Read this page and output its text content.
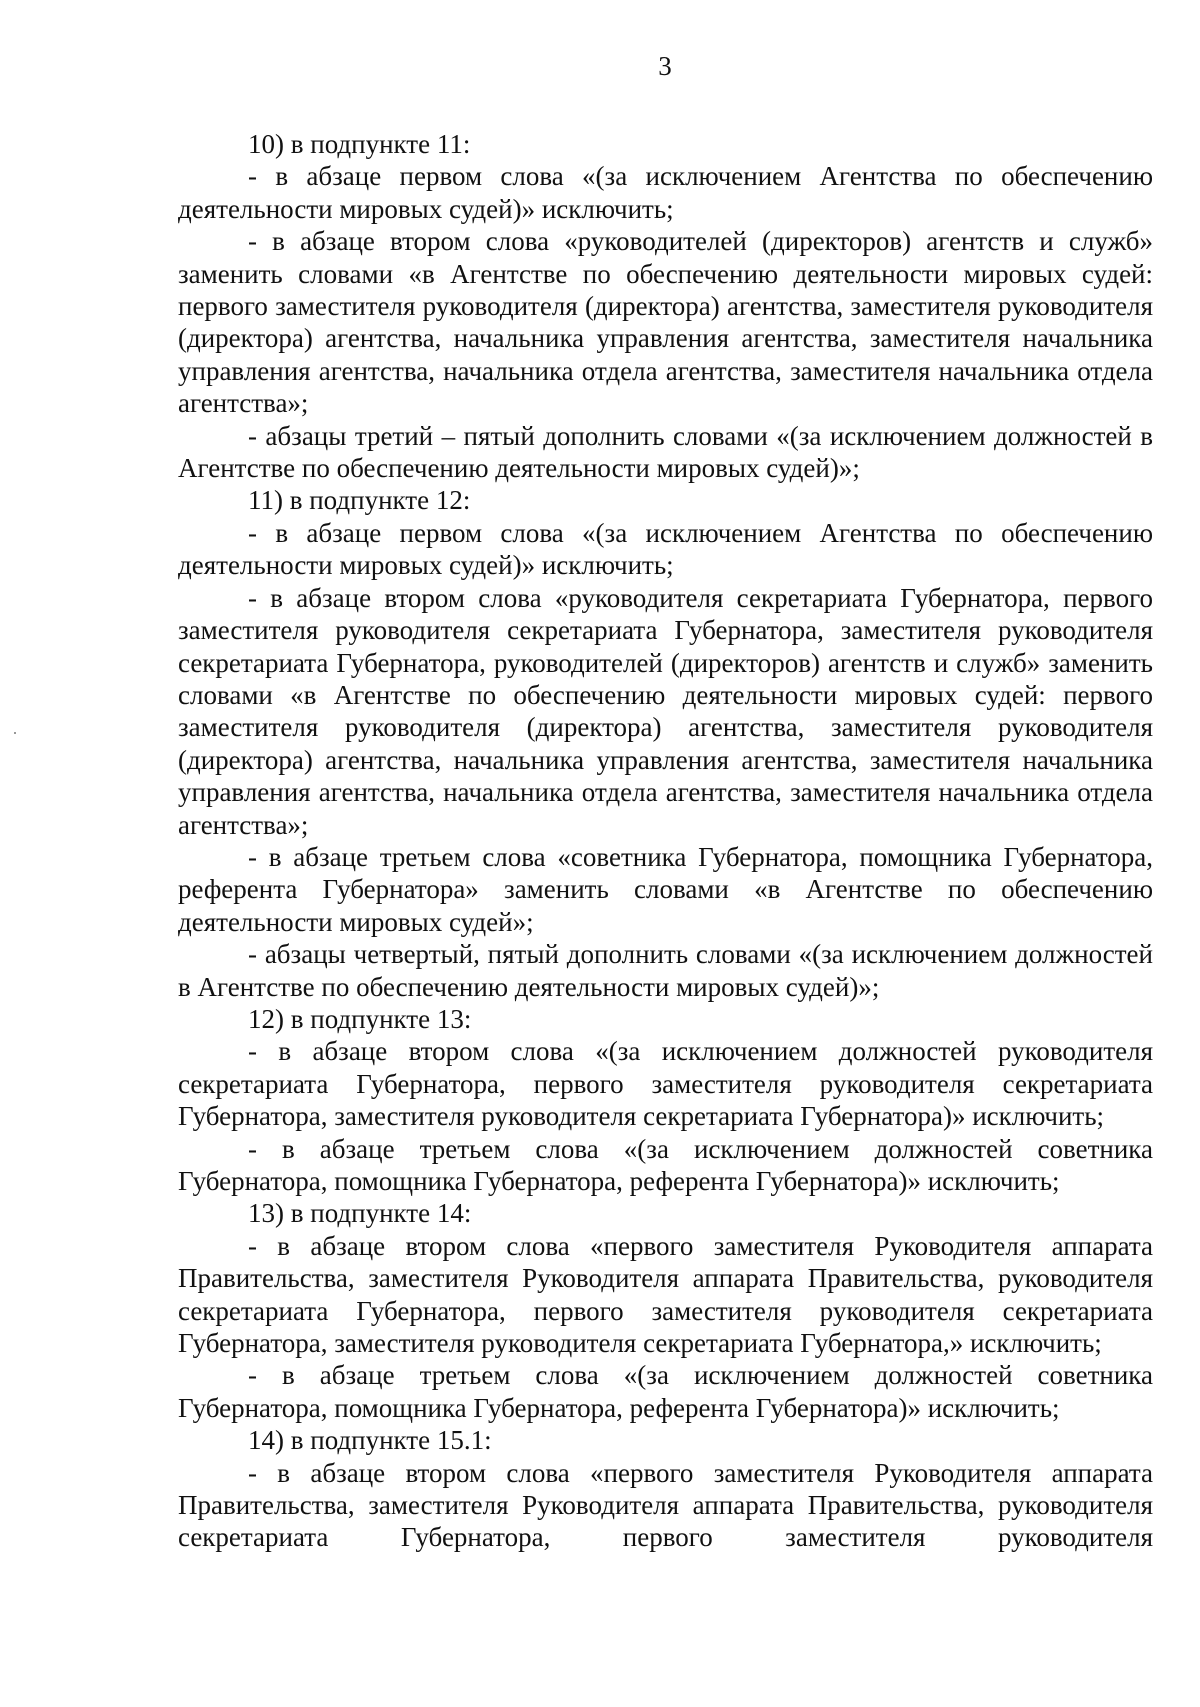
3

10) в подпункте 11:

- в абзаце первом слова «(за исключением Агентства по обеспечению деятельности мировых судей)» исключить;

- в абзаце втором слова «руководителей (директоров) агентств и служб» заменить словами «в Агентстве по обеспечению деятельности мировых судей: первого заместителя руководителя (директора) агентства, заместителя руководителя (директора) агентства, начальника управления агентства, заместителя начальника управления агентства, начальника отдела агентства, заместителя начальника отдела агентства»;

- абзацы третий – пятый дополнить словами «(за исключением должностей в Агентстве по обеспечению деятельности мировых судей)»;

11) в подпункте 12:

- в абзаце первом слова «(за исключением Агентства по обеспечению деятельности мировых судей)» исключить;

- в абзаце втором слова «руководителя секретариата Губернатора, первого заместителя руководителя секретариата Губернатора, заместителя руководителя секретариата Губернатора, руководителей (директоров) агентств и служб» заменить словами «в Агентстве по обеспечению деятельности мировых судей: первого заместителя руководителя (директора) агентства, заместителя руководителя (директора) агентства, начальника управления агентства, заместителя начальника управления агентства, начальника отдела агентства, заместителя начальника отдела агентства»;

- в абзаце третьем слова «советника Губернатора, помощника Губернатора, референта Губернатора» заменить словами «в Агентстве по обеспечению деятельности мировых судей»;

- абзацы четвертый, пятый дополнить словами «(за исключением должностей в Агентстве по обеспечению деятельности мировых судей)»;

12) в подпункте 13:

- в абзаце втором слова «(за исключением должностей руководителя секретариата Губернатора, первого заместителя руководителя секретариата Губернатора, заместителя руководителя секретариата Губернатора)» исключить;

- в абзаце третьем слова «(за исключением должностей советника Губернатора, помощника Губернатора, референта Губернатора)» исключить;

13) в подпункте 14:

- в абзаце втором слова «первого заместителя Руководителя аппарата Правительства, заместителя Руководителя аппарата Правительства, руководителя секретариата Губернатора, первого заместителя руководителя секретариата Губернатора, заместителя руководителя секретариата Губернатора,» исключить;

- в абзаце третьем слова «(за исключением должностей советника Губернатора, помощника Губернатора, референта Губернатора)» исключить;

14) в подпункте 15.1:

- в абзаце втором слова «первого заместителя Руководителя аппарата Правительства, заместителя Руководителя аппарата Правительства, руководителя секретариата Губернатора, первого заместителя руководителя
